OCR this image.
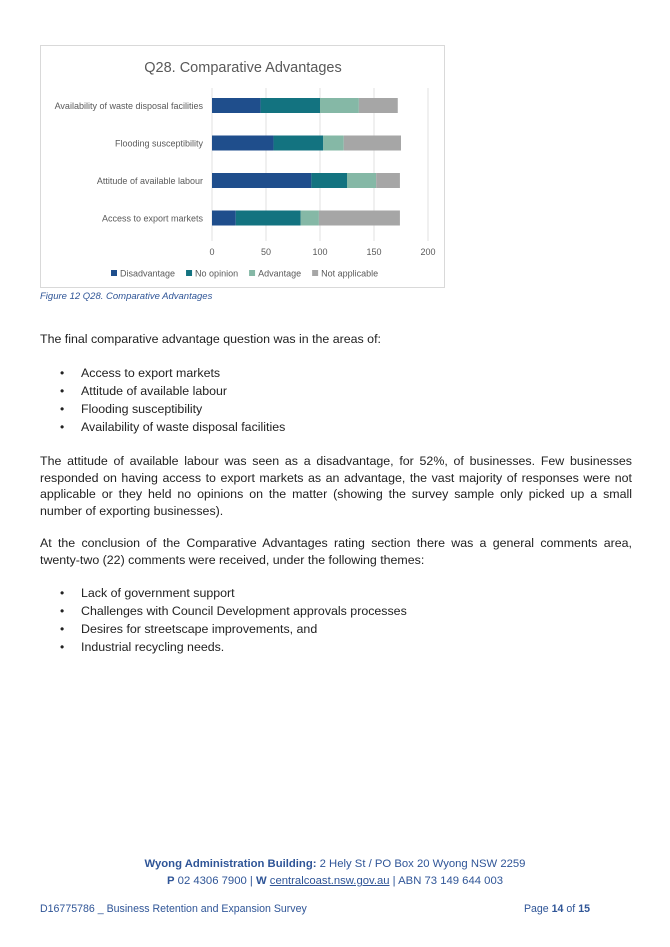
Q28. Comparative Advantages
0	50	100	150	200
Availability of waste disposal facilities
Flooding susceptibility
Attitude of available labour
Access to export markets
Disadvantage No opinion Advantage Not applicable
Figure 12 Q28. Comparative Advantages

The final comparative advantage question was in the areas of:

• Access to export markets
• Attitude of available labour
• Flooding susceptibility
• Availability of waste disposal facilities

The attitude of available labour was seen as a disadvantage, for 52%, of businesses. Few businesses responded on having access to export markets as an advantage, the vast majority of responses were not applicable or they held no opinions on the matter (showing the survey sample only picked up a small number of exporting businesses).

At the conclusion of the Comparative Advantages rating section there was a general comments area, twenty-two (22) comments were received, under the following themes:

• Lack of government support
• Challenges with Council Development approvals processes
• Desires for streetscape improvements, and
• Industrial recycling needs.
Wyong Administration Building: 2 Hely St / PO Box 20 Wyong NSW 2259
P 02 4306 7900 | W centralcoast.nsw.gov.au | ABN 73 149 644 003
D16775786 _ Business Retention and Expansion Survey	Page 14 of 15
